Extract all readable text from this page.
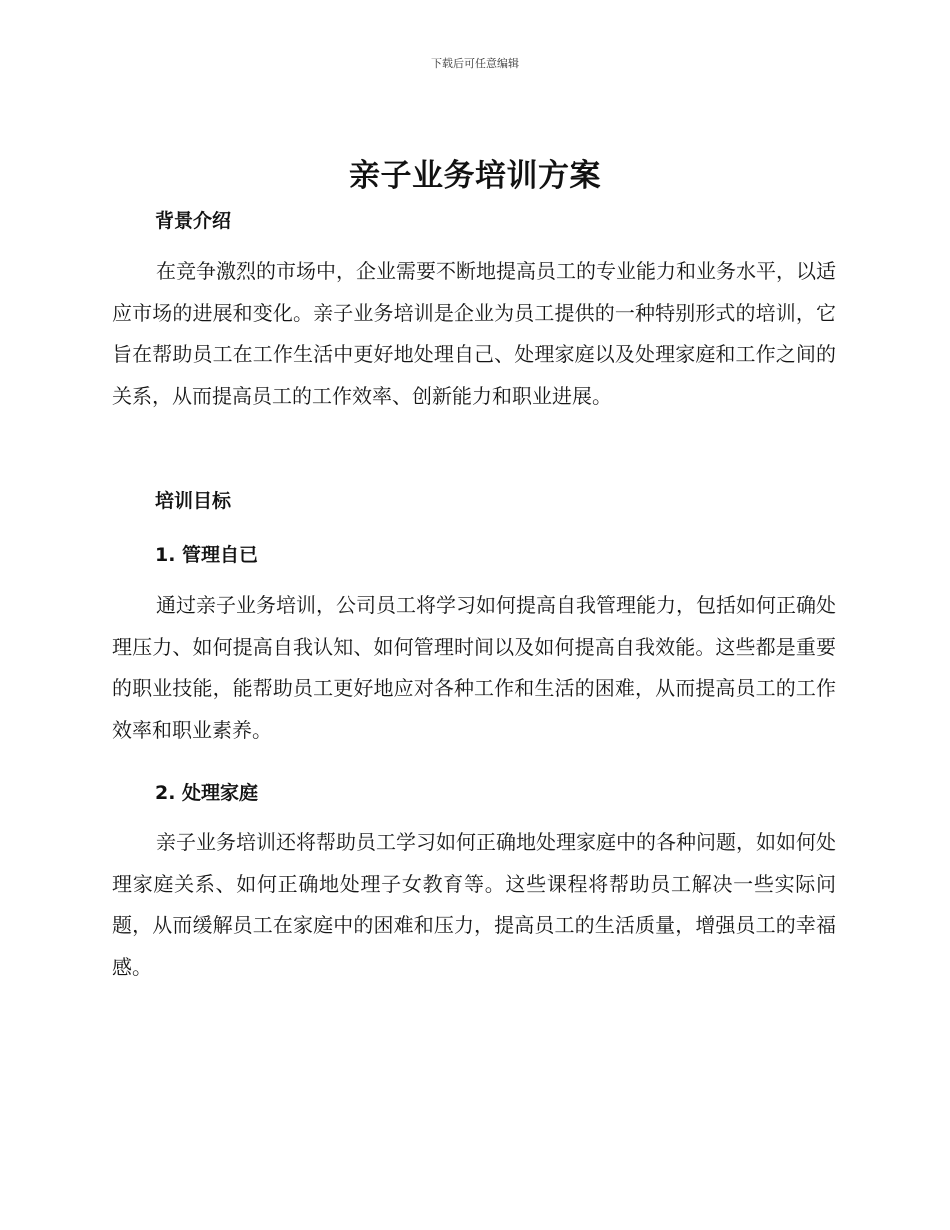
下载后可任意编辑
亲子业务培训方案
背景介绍

在竞争激烈的市场中，企业需要不断地提高员工的专业能力和业务水平，以适应市场的进展和变化。亲子业务培训是企业为员工提供的一种特别形式的培训，它旨在帮助员工在工作生活中更好地处理自己、处理家庭以及处理家庭和工作之间的关系，从而提高员工的工作效率、创新能力和职业进展。

培训目标
1. 管理自已

通过亲子业务培训，公司员工将学习如何提高自我管理能力，包括如何正确处理压力、如何提高自我认知、如何管理时间以及如何提高自我效能。这些都是重要的职业技能，能帮助员工更好地应对各种工作和生活的困难，从而提高员工的工作效率和职业素养。

2. 处理家庭

亲子业务培训还将帮助员工学习如何正确地处理家庭中的各种问题，如如何处理家庭关系、如何正确地处理子女教育等。这些课程将帮助员工解决一些实际问题，从而缓解员工在家庭中的困难和压力，提高员工的生活质量，增强员工的幸福感。
